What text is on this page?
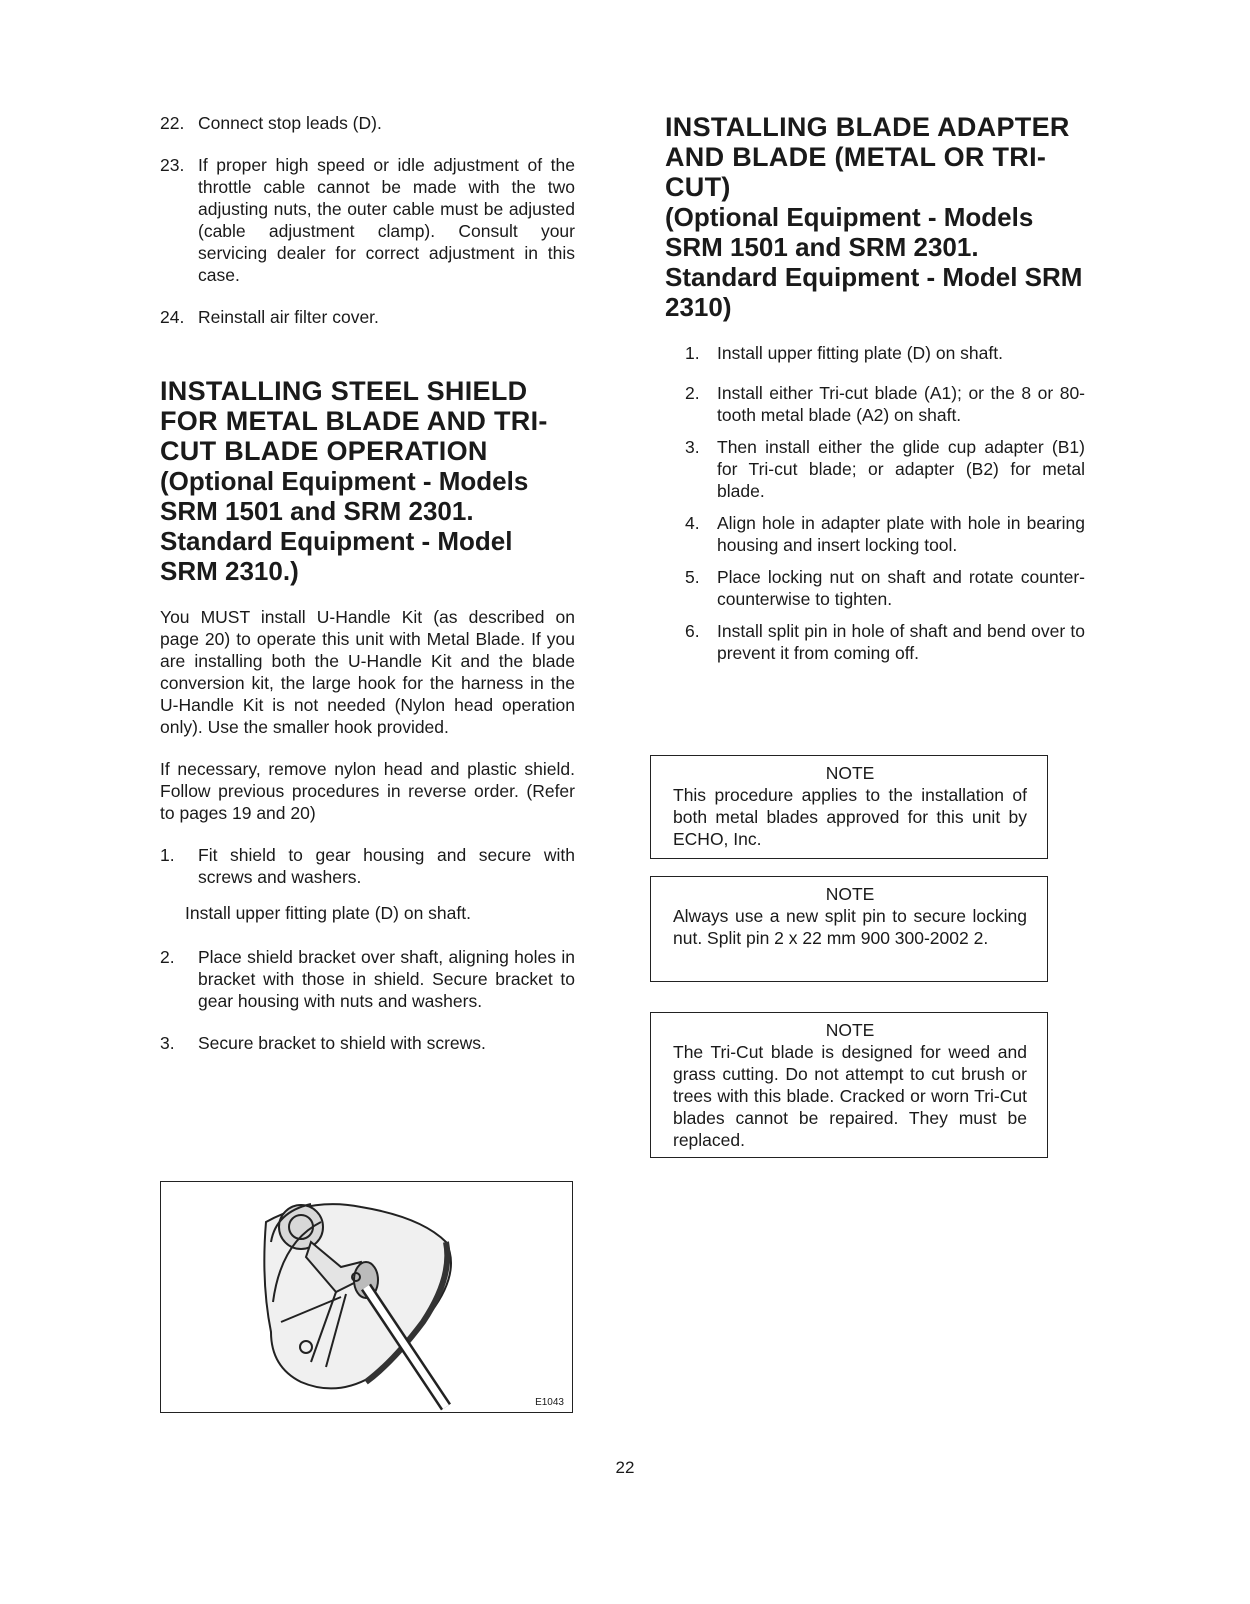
22. Connect stop leads (D).
23. If proper high speed or idle adjustment of the throttle cable cannot be made with the two adjusting nuts, the outer cable must be adjusted (cable adjustment clamp). Consult your servicing dealer for correct adjustment in this case.
24. Reinstall air filter cover.
INSTALLING STEEL SHIELD FOR METAL BLADE AND TRI-CUT BLADE OPERATION
(Optional Equipment - Models SRM 1501 and SRM 2301. Standard Equipment - Model SRM 2310.)

You MUST install U-Handle Kit (as described on page 20) to operate this unit with Metal Blade. If you are installing both the U-Handle Kit and the blade conversion kit, the large hook for the harness in the U-Handle Kit is not needed (Nylon head operation only). Use the smaller hook provided.

If necessary, remove nylon head and plastic shield. Follow previous procedures in reverse order. (Refer to pages 19 and 20)

1. Fit shield to gear housing and secure with screws and washers.

Install upper fitting plate (D) on shaft.

2. Place shield bracket over shaft, aligning holes in bracket with those in shield. Secure bracket to gear housing with nuts and washers.
3. Secure bracket to shield with screws.
E1043
INSTALLING BLADE ADAPTER AND BLADE (METAL OR TRI-CUT)
(Optional Equipment - Models SRM 1501 and SRM 2301. Standard Equipment - Model SRM 2310)
1. Install upper fitting plate (D) on shaft.
2. Install either Tri-cut blade (A1); or the 8 or 80-tooth metal blade (A2) on shaft.
3. Then install either the glide cup adapter (B1) for Tri-cut blade; or adapter (B2) for metal blade.
4. Align hole in adapter plate with hole in bearing housing and insert locking tool.
5. Place locking nut on shaft and rotate counter-counterwise to tighten.
6. Install split pin in hole of shaft and bend over to prevent it from coming off.
NOTE
This procedure applies to the installation of both metal blades approved for this unit by ECHO, Inc.
NOTE
Always use a new split pin to secure locking nut. Split pin 2 x 22 mm 900 300-2002 2.
NOTE
The Tri-Cut blade is designed for weed and grass cutting. Do not attempt to cut brush or trees with this blade. Cracked or worn Tri-Cut blades cannot be repaired. They must be replaced.
22
